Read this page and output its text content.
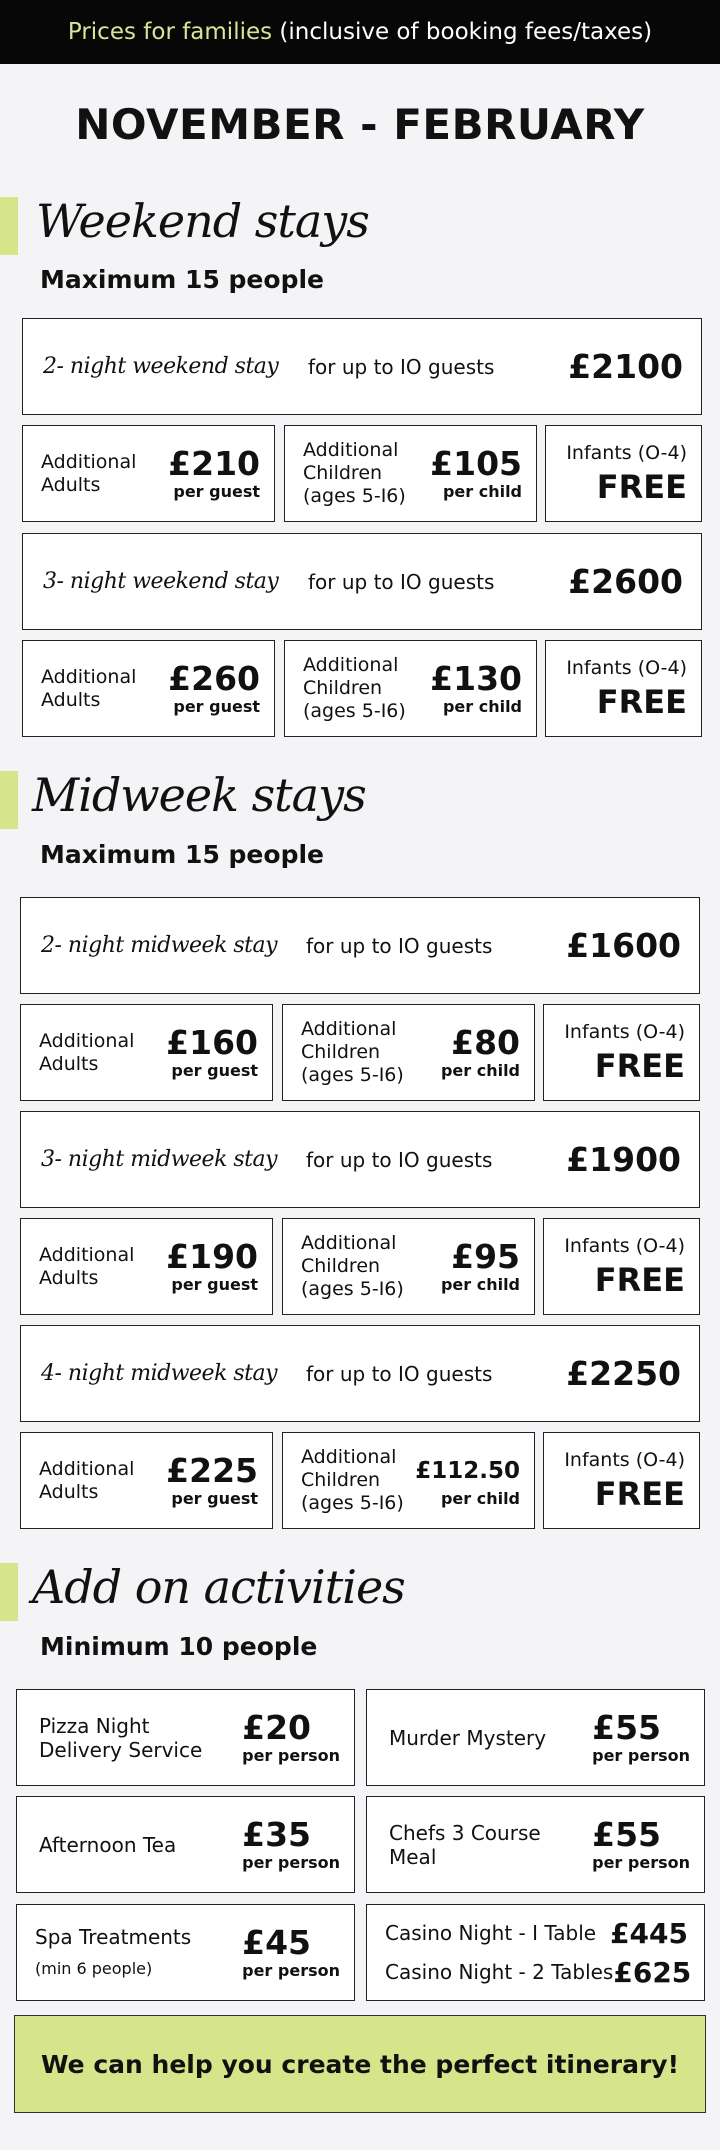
Prices for families (inclusive of booking fees/taxes)
NOVEMBER - FEBRUARY
Weekend stays
Maximum 15 people
2- night weekend stay	for up to IO guests	£2100
Additional Adults
£210
per guest
Additional Children (ages 5-I6)
£105
per child
Infants (O-4)
FREE
3- night weekend stay	for up to IO guests	£2600
Additional Adults
£260
per guest
Additional Children (ages 5-I6)
£130
per child
Infants (O-4)
FREE
Midweek stays
Maximum 15 people
2- night midweek stay	for up to IO guests	£1600
Additional Adults
£160
per guest
Additional Children (ages 5-I6)
£80
per child
Infants (O-4)
FREE
3- night midweek stay	for up to IO guests	£1900
Additional Adults
£190
per guest
Additional Children (ages 5-I6)
£95
per child
Infants (O-4)
FREE
4- night midweek stay	for up to IO guests	£2250
Additional Adults
£225
per guest
Additional Children (ages 5-I6)
£112.50
per child
Infants (O-4)
FREE
Add on activities
Minimum 10 people
Pizza Night Delivery Service
£20
per person
Murder Mystery £55
per person
Afternoon Tea £35
per person
Chefs 3 Course Meal
£55
per person
Spa Treatments
(min 6 people)
£45
per person
Casino Night - I Table £445
Casino Night - 2 Tables £625
We can help you create the perfect itinerary!
